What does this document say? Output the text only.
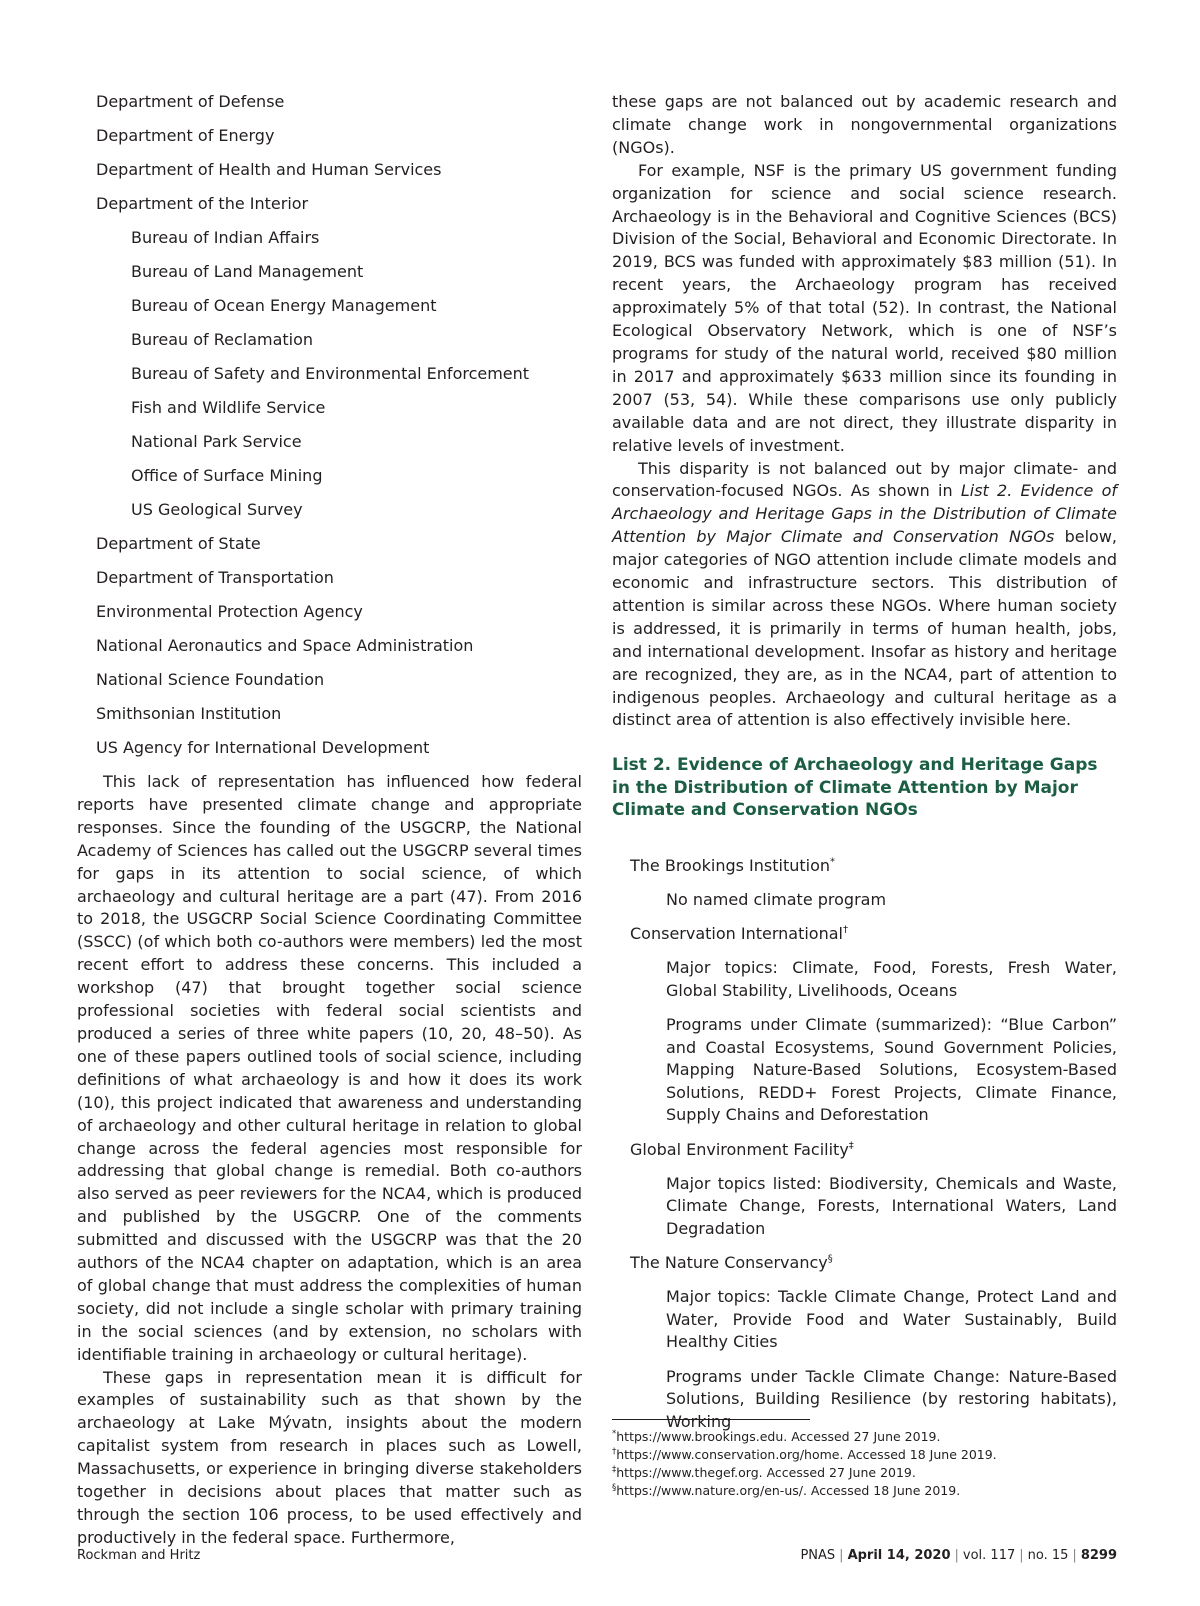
Department of Defense
Department of Energy
Department of Health and Human Services
Department of the Interior
Bureau of Indian Affairs
Bureau of Land Management
Bureau of Ocean Energy Management
Bureau of Reclamation
Bureau of Safety and Environmental Enforcement
Fish and Wildlife Service
National Park Service
Office of Surface Mining
US Geological Survey
Department of State
Department of Transportation
Environmental Protection Agency
National Aeronautics and Space Administration
National Science Foundation
Smithsonian Institution
US Agency for International Development

This lack of representation has influenced how federal reports have presented climate change and appropriate responses. Since the founding of the USGCRP, the National Academy of Sciences has called out the USGCRP several times for gaps in its attention to social science, of which archaeology and cultural heritage are a part (47). From 2016 to 2018, the USGCRP Social Science Coordinating Committee (SSCC) (of which both co-authors were members) led the most recent effort to address these concerns. This included a workshop (47) that brought together social science professional societies with federal social scientists and produced a series of three white papers (10, 20, 48–50). As one of these papers outlined tools of social science, including definitions of what archaeology is and how it does its work (10), this project indicated that awareness and understanding of archaeology and other cultural heritage in relation to global change across the federal agencies most responsible for addressing that global change is remedial. Both co-authors also served as peer reviewers for the NCA4, which is produced and published by the USGCRP. One of the comments submitted and discussed with the USGCRP was that the 20 authors of the NCA4 chapter on adaptation, which is an area of global change that must address the complexities of human society, did not include a single scholar with primary training in the social sciences (and by extension, no scholars with identifiable training in archaeology or cultural heritage).

These gaps in representation mean it is difficult for examples of sustainability such as that shown by the archaeology at Lake Mývatn, insights about the modern capitalist system from research in places such as Lowell, Massachusetts, or experience in bringing diverse stakeholders together in decisions about places that matter such as through the section 106 process, to be used effectively and productively in the federal space. Furthermore,

these gaps are not balanced out by academic research and climate change work in nongovernmental organizations (NGOs).

For example, NSF is the primary US government funding organization for science and social science research. Archaeology is in the Behavioral and Cognitive Sciences (BCS) Division of the Social, Behavioral and Economic Directorate. In 2019, BCS was funded with approximately $83 million (51). In recent years, the Archaeology program has received approximately 5% of that total (52). In contrast, the National Ecological Observatory Network, which is one of NSF’s programs for study of the natural world, received $80 million in 2017 and approximately $633 million since its founding in 2007 (53, 54). While these comparisons use only publicly available data and are not direct, they illustrate disparity in relative levels of investment.

This disparity is not balanced out by major climate- and conservation-focused NGOs. As shown in List 2. Evidence of Archaeology and Heritage Gaps in the Distribution of Climate Attention by Major Climate and Conservation NGOs below, major categories of NGO attention include climate models and economic and infrastructure sectors. This distribution of attention is similar across these NGOs. Where human society is addressed, it is primarily in terms of human health, jobs, and international development. Insofar as history and heritage are recognized, they are, as in the NCA4, part of attention to indigenous peoples. Archaeology and cultural heritage as a distinct area of attention is also effectively invisible here.

List 2. Evidence of Archaeology and Heritage Gaps in the Distribution of Climate Attention by Major Climate and Conservation NGOs
The Brookings Institution*
No named climate program
Conservation International†
Major topics: Climate, Food, Forests, Fresh Water, Global Stability, Livelihoods, Oceans
Programs under Climate (summarized): “Blue Carbon” and Coastal Ecosystems, Sound Government Policies, Mapping Nature-Based Solutions, Ecosystem-Based Solutions, REDD+ Forest Projects, Climate Finance, Supply Chains and Deforestation
Global Environment Facility‡
Major topics listed: Biodiversity, Chemicals and Waste, Climate Change, Forests, International Waters, Land Degradation
The Nature Conservancy§
Major topics: Tackle Climate Change, Protect Land and Water, Provide Food and Water Sustainably, Build Healthy Cities
Programs under Tackle Climate Change: Nature-Based Solutions, Building Resilience (by restoring habitats), Working
*https://www.brookings.edu. Accessed 27 June 2019.
†https://www.conservation.org/home. Accessed 18 June 2019.
‡https://www.thegef.org. Accessed 27 June 2019.
§https://www.nature.org/en-us/. Accessed 18 June 2019.
Rockman and Hritz	PNAS | April 14, 2020 | vol. 117 | no. 15 | 8299
